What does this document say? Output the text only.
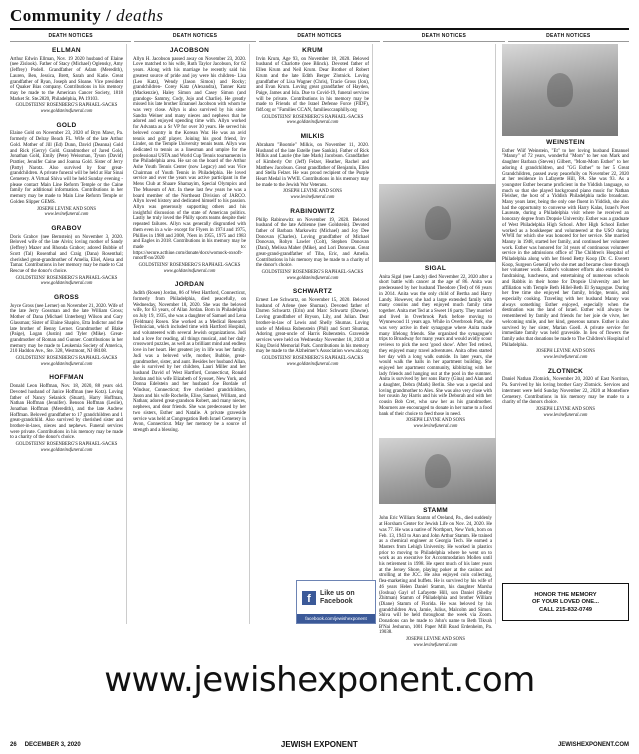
Community / deaths
DEATH NOTICES	DEATH NOTICES	DEATH NOTICES	DEATH NOTICES	DEATH NOTICES
ELLMAN

Arthur Edwin Ellman, Nov. 19 2020 husband of Elaine (nee Zislook). Father of Stacy (Michael) Oglensky, Amy (Jeffrey) Podell. Grandfather of Adam (Meredith), Lauren, Ben, Jessica, Brett, Sarah and Katie. Great grandfather of Ryan, Joseph and Sloane. Vice president of Quaker Bias company. Contributions in his memory may be made to the American Cancer Society, 1818 Market St. Ste.2820, Philadelphia, PA 19103.

GOLDSTEINS' ROSENBERG'S RAPHAEL-SACKS

www.goldsteinsfuneral.com

GOLD

Elaine Gold on November 23, 2020 of Bryn Mawr, Pa. formerly of Delray Beach FL. Wife of the late Arthur Gold. Mother of Jill (Ed) Dunn, David (Deanna) Gold and Rick (Gerry) Gold. Grandmother of Jared Gold, Jonathan Gold, Emily (Pete) Weissman, Tyson (David) Prattier, Jennifer Caine and Joanna Gold. Sister of Jerry (Patty) Narotz. Also survived by four great-grandchildren. A private funeral will be held at Har Sinai Cemetery. A Virtual Shiva will be held Sunday evening - please contact Main Line Reform Temple or the Caine family for additional information. Contributions in her memory may be made to Main Line Reform Temple or Golden Slipper GEMS.

JOSEPH LEVINE AND SONS

www.levinefuneral.com

GRABOV

Doris Grabov (nee Bernstein) on November 3, 2020. Beloved wife of the late Alvin; loving mother of Sandy (Jeffrey) Mazer and Rhonda Grabov; adored Bubbie of Scott (Tal) Rosenthal and Craig (Dana) Rosenthal; cherished great-grandmother of Amelia, Eliel, Alexa and Tamar. Contributions in her memory may be made to Cat Rescue of the donor's choice.

GOLDSTEINS' ROSENBERG'S RAPHAEL-SACKS

www.goldsteinsfuneral.com

GROSS

Joyce Gross (nee Lerner) on November 21, 2020. Wife of the late Jerry Gossman and the late William Gross; Mother of Dana (Michael Unterberg) Wilson and Gary Glassman; Sister of Elaine Shapiro, Etta Indictor and the late brother of Benny Lerner. Grandmother of Blake (Paige), Logan (Justin) and Tyler (Mike). Great-grandmother of Roman and Gunner. Contributions in her memory may be made to Leukemia Society of America, 210 Haddon Ave., Ste. 328, Westmont, NJ 08108.

GOLDSTEINS' ROSENBERG'S RAPHAEL-SACKS

www.goldsteinsfuneral.com

HOFFMAN

Donald Leon Hoffman, Nov. 18, 2020, 88 years old. Devoted husband of Janice Hoffman (nee Kotz). Loving father of Nancy Selanick (Stuart), Harry Hoffman, Nathan Hoffman (Jennifer). Benson Hoffman (Leslie), Jonathan Hoffman (Meredith), and the late Andrew Hoffman. Beloved grandfather to 17 grandchildren and 1 great-grandchild. Also survived by cherished sister and brother-in-laws, nieces and nephews. Funeral services were private. Contributions in his memory may be made to a charity of the donor's choice.

GOLDSTEINS' ROSENBERG'S RAPHAEL-SACKS

www.goldsteinsfuneral.com

JACOBSON

Allyn H. Jacobson passed away on November 23, 2020. Love matched to his wife, Ruth Taylor Jacobson, for 62 years. Along with his marriage he recently said his greatest source of pride and joy were his children- Lisa (Leo Katz), Wendy (Jason Simon) and Rocky; grandchildren- Corey Katz (Alexandra), Tanner Katz (Mackenzie), Haley Simon and Casey Simon (and grandogs- Sammy, Cody, Jojo and Charlie). He greatly missed his late brother Emanuel Jacobson with whom he was very close. Allyn is also survived by his sister Sandra Weiner and many nieces and nephews that he adored and enjoyed spending time with. Allyn worked for Advanta as a Sr VP for over 30 years. He served his beloved country in the Korean War. He was an avid tennis and golf player. Joining his good friend, Irv Linder, on the Temple University tennis team. Allyn was dedicated to tennis as a linesman and umpire for the professional USTA and World Cup Tennis tournaments in the Philadelphia area. He sat on the board of the Arthur Ashe Youth Tennis Center (now Legacy) and was Vice Chairman of Youth Tennis in Philadelphia. He loved service and over the years was active participant in the Mens Club at Shaare Shamayim, Special Olympics and The Museum of Art. In these last few years he was a board member of the Northeast Division of JARCO. Allyn loved history and dedicated himself to his passion. Allyn was generously supporting others and his insightful discussion of the state of American politics. Lastly he truly loved the Philly sports teams despite their repeated failures. Allyn was generally disgruntled with them even in a win- except for Flyers in 1974 and 1975, Phillies in 1980 and 2008, 76ers in 1955, 1975 and 1983 and Eagles in 2018. Contributions in his memory may be made to: https://secure.acthiue.com/donate/docs/womock-oxsoft-runorff-no/2020

GOLDSTEINS' ROSENBERG'S RAPHAEL-SACKS

www.goldsteinsfuneral.com

JORDAN

Judith (Rosen) Jordan, 86 of West Hartford, Connecticut, formerly from Philadelphia, died peacefully, on Wednesday, November 18, 2020. She was the beloved wife, for 63 years, of Allan Jordan. Born in Philadelphia on July 19, 1935, she was a daughter of Samuel and Lena (Feldman) Rosen. She worked as a Medical Research Technician, which included time with Hartford Hospital, and volunteered with several Jewish organizations. Judi had a love for reading, all things musical, and her daily crossword puzzles, as well as a brilliant mind and endless love in her heart. Her greatest joy in life was her family. Judi was a beloved wife, mother, Bubbie, great-grandmother, sister, and aunt. Besides her husband Allan, she is survived by her children, Lauri Miller and her husband David of West Hartford, Connecticut, Ronald Jordan and his wife Elizabeth of Syosset, New York, and Donna Edelstein and her husband Joe Bordale of Windsor, Connecticut; five cherished grandchildren, Jason and his wife Rochelle, Elise, Samuel, William, and Nathan; adored great-grandson Robert, and many nieces, nephews, and dear friends. She was predeceased by her two sisters, Esther and Natalie. A private graveside service was held at Congregation Beth Israel Cemetery in Avon, Connecticut. May her memory be a source of strength and a blessing.

KRUM

Irvin Krum, Age 93, on November 18, 2020. Beloved husband of Charlotte (nee Blinck). Devoted father of Ellen Krum and Neil Krum. Dear Brother of Robert Krum and the late Edith Berger Zlotnick. Loving grandfather of Lisa Wagner (Chris), Tracie Gross (Jon), and Evan Krum. Loving great grandfather of Hayden, Paige, James and Isla. Due to Covid-19, funeral services will be private. Contributions in his memory may be made to Friends of the Israel Defense Force (FIDF), fidf.org or "Families CCAN, familiesccanphilly.org

GOLDSTEINS' ROSENBERG'S RAPHAEL-SACKS

www.goldsteinsfuneral.com

MILKIS

Abraham "Boomie" Milkis, on November 11, 2020. Husband of the late Estelle (nee Sankin). Father of Rick Milkis and Laurie (the late Mark) Jacobson. Grandfather of Kimberly Orr (Jeff) Felzer, Heather, Rachel and Matthew Jacobson. Great grandfather of Benjamin, Ellen and Stella Felzer. He was proud recipient of the Purple Heart Medal in WWII. Contributions in his memory may be made to the Jewish War Veterans.

JOSEPH LEVINE AND SONS

www.levinefuneral.com

RABINOWITZ

Philip Rabinowitz on November 19, 2020. Beloved husband of the late Adrienne (nee Goldstein). Devoted father of Barbara Markowitz (Michael) and Joy Dee Donovan (Charles). Loving grandfather of Michael Donovan, Robyn Lawler (Colt), Stephen Donovan (Dani), Melissa Maher (Mike), and Lori Donovan. Great great-grand-grandfather of Tiba, Eric, and Amelia. Contributions in his memory may be made to a charity of the donor's choice.

GOLDSTEINS' ROSENBERG'S RAPHAEL-SACKS

www.goldsteinsfuneral.com

SCHWARTZ

Ernest Lee Schwartz, on November 15, 2020. Beloved husband of Arlene (nee Shumas). Devoted father of Darren Schwartz (Erin) and Marc Schwartz (Dawne). Loving grandfather of Bryson, Lily, and Julian. Dear brother-in-law of Lewis and Shelly Shumas. Loving uncle of Melissa Rubenstein (Phil) and Scott Shumas. Adoring great-uncle of Harris Rubenstein. Graveside services were held on Wednesday November 18, 2020 at King David Memorial Park. Contributions in his memory may be made to the Alzheimer's Association www.alz.org

GOLDSTEINS' ROSENBERG'S RAPHAEL-SACKS

www.goldsteinsfuneral.com

SIGAL

Anita Sigal (nee Landy) died November 22, 2020 after a short battle with cancer at the age of 86. Anita was predeceased by her husband Theodore (Ted) of 66 years in 2014. Anita was the only child of Bertha and Harry Landy. However, she had a large extended family with many cousins and they enjoyed much family time together. Anita met Ted at a Sweet 16 party. They married and lived in Overbrook Park before moving to Wynnewood 11 years ago. While in Overbrook Park, she was very active in their synagogue where Anita made many lifelong friends. She organized the synagogue's trips to Broadway for many years and would avidly scour reviews to pick the next 'good show'. After Ted retired, they enjoyed many travel adventures. Anita often started her day with a long walk outside. In later years, she would walk the halls in her apartment building. She enjoyed her apartment community, kibbitzing with her lady friends and hanging out at the pool in the summer. Anita is survived by her sons Barry (Gina) and Alan and a daughter, Debra (Mark) Berlin. She was a special and loving grandmother to Alex. She was also very close with her cousin Jay Harris and his wife Deborah and with her cousin Bob Cret, who saw her as his grandmother. Mourners are encouraged to donate in her name to a food bank of their choice to feed those in need.

JOSEPH LEVINE AND SONS

www.levinefuneral.com

STAMM

John Eric William Stamm of Oreland, Pa., died suddenly at Horsham Center for Jewish Life on Nov. 24, 2020. He was 77. He was a native of Northport, New York, born on Feb. 13, 1943 to Ann and John Arthur Stamm. He trained as a chemical engineer at Georgia Tech. He earned a Masters from Lehigh University. He worked in plastics prior to moving to Philadelphia where he went on to work as an executive for Accommodation Mollen until his retirement in 1998. He spent much of his later years at the Jersey Shore, playing poker at the casinos and strolling at the JCC. He also enjoyed coin collecting, flea-marketing and buffets. He is survived by his wife of 46 years Helen Daniel Stamm, his daughter Marsha (Joshua) Gayl of Lafayette Hill, son Daniel (Shelby Zhitman) Stamm of Philadelphia and brother William (Diane) Stamm of Florida. He was beloved by his grandchildren Ava, Jamie, Julius, Malcolm and Simon. Shiva will be held throughout the week via Zoom. Donations can be made to John's name to Beth Tikvah B'Nai Jeshurun, 1001 Paper Mill Road Erdenheim, Pa. 19038.

JOSEPH LEVINE AND SONS

www.levinefuneral.com

WEINSTEIN

Esther Wiif Weinstein, "Et" to her loving husband Emanuel "Manny" of 72 years, wonderful "Mom" to her son Mark and daughter Barbara (Steven) Gilbert, "Mom-Mom Esther" to her adoring 4 grandchildren, and "GG Esther" to her 5 Great Grandchildren, passed away peacefully on November 22, 2020 at her residence in Lafayette Hill, PA. She was 93. As a youngster Esther became proficient in the Yiddish language, so much so that she played background piano music for Nathan Fleisher, the host of a Yiddish Philadelphia radio broadcast. Many years later, being the only one fluent in Yiddish, she also had the opportunity to converse with Harry Kalas, Israel's Poet Laureate, during a Philadelphia visit where he received an honorary degree from Dropsie University. Esther was a graduate of West Philadelphia High School. After High School Esther worked as a bookkeeper and volunteered at the USO during WWII for which she was honored for her service. She married Manny in 1948, started her family, and continued her volunteer work. Esther was honored for 34 years of continuous volunteer service in the admissions office of The Children's Hospital of Philadelphia along with her friend Betty Koop (Dr. C. Everett Koop, Surgeon General) who she met and became close through her volunteer work. Esther's volunteer efforts also extended to fundraising, luncheons, and entertaining of numerous schools and Rabbis in their home for Dropsie University and her affiliation with Temple Beth Hillel-Beth El Synagogue. During her free time she enjoyed her family, bridge, tennis, and especially cooking. Traveling with her husband Manny was always something Esther enjoyed, especially when the destination was the land of Israel. Esther will always be remembered by family and friends for her joie de vivre, her welcoming smile, and her kind, generous nature. Esther is also survived by her sister, Marian Goell. A private service for immediate family was held graveside. In lieu of flowers the family asks that donations be made to The Children's Hospital of Philadelphia.

JOSEPH LEVINE AND SONS

www.levinefuneral.com

ZLOTNICK

Daniel Nathan Zlotnick, November 20, 2020 of East Norriton, Pa. Survived by his loving brother Gary Zlotnick. Services and interment were held Sunday November 22, 2020 at Montefiore Cemetery. Contributions in his memory may be made to a charity of the donors choice.

JOSEPH LEVINE AND SONS

www.levinefuneral.com

f	Like us on
Facebook
facebook.com/jewishexponent
HONOR THE MEMORY
OF YOUR LOVED ONE...
CALL 215-832-0749
www.jewishexponent.com
26 DECEMBER 3, 2020	JEWISH EXPONENT	JEWISHEXPONENT.COM
